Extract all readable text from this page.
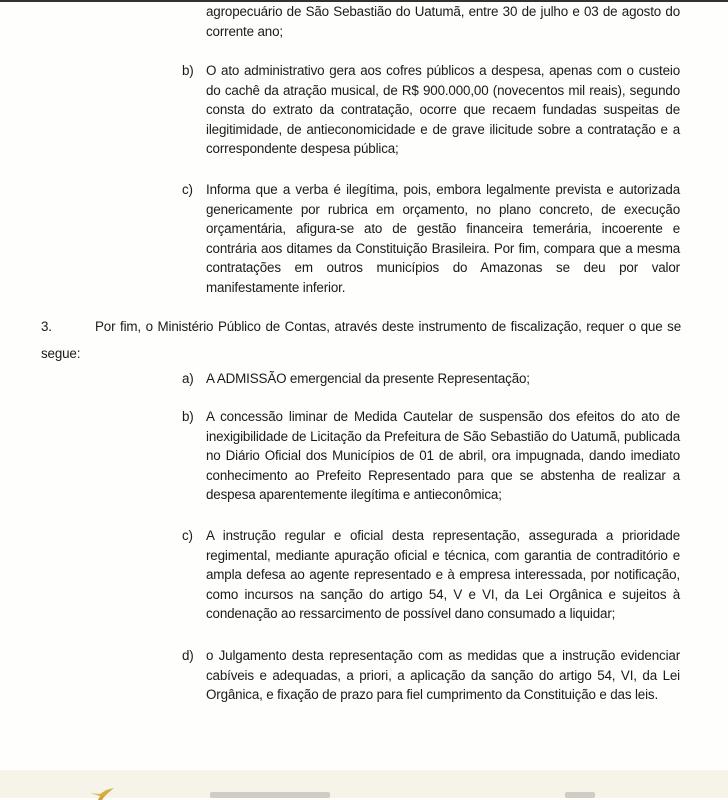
agropecuário de São Sebastião do Uatumã, entre 30 de julho e 03 de agosto do corrente ano;
b) O ato administrativo gera aos cofres públicos a despesa, apenas com o custeio do cachê da atração musical, de R$ 900.000,00 (novecentos mil reais), segundo consta do extrato da contratação, ocorre que recaem fundadas suspeitas de ilegitimidade, de antieconomicidade e de grave ilicitude sobre a contratação e a correspondente despesa pública;
c) Informa que a verba é ilegítima, pois, embora legalmente prevista e autorizada genericamente por rubrica em orçamento, no plano concreto, de execução orçamentária, afigura-se ato de gestão financeira temerária, incoerente e contrária aos ditames da Constituição Brasileira. Por fim, compara que a mesma contratações em outros municípios do Amazonas se deu por valor manifestamente inferior.
3.	Por fim, o Ministério Público de Contas, através deste instrumento de fiscalização, requer o que se
segue:
a) A ADMISSÃO emergencial da presente Representação;
b) A concessão liminar de Medida Cautelar de suspensão dos efeitos do ato de inexigibilidade de Licitação da Prefeitura de São Sebastião do Uatumã, publicada no Diário Oficial dos Municípios de 01 de abril, ora impugnada, dando imediato conhecimento ao Prefeito Representado para que se abstenha de realizar a despesa aparentemente ilegítima e antieconômica;
c) A instrução regular e oficial desta representação, assegurada a prioridade regimental, mediante apuração oficial e técnica, com garantia de contraditório e ampla defesa ao agente representado e à empresa interessada, por notificação, como incursos na sanção do artigo 54, V e VI, da Lei Orgânica e sujeitos à condenação ao ressarcimento de possível dano consumado a liquidar;
d) o Julgamento desta representação com as medidas que a instrução evidenciar cabíveis e adequadas, a priori, a aplicação da sanção do artigo 54, VI, da Lei Orgânica, e fixação de prazo para fiel cumprimento da Constituição e das leis.
